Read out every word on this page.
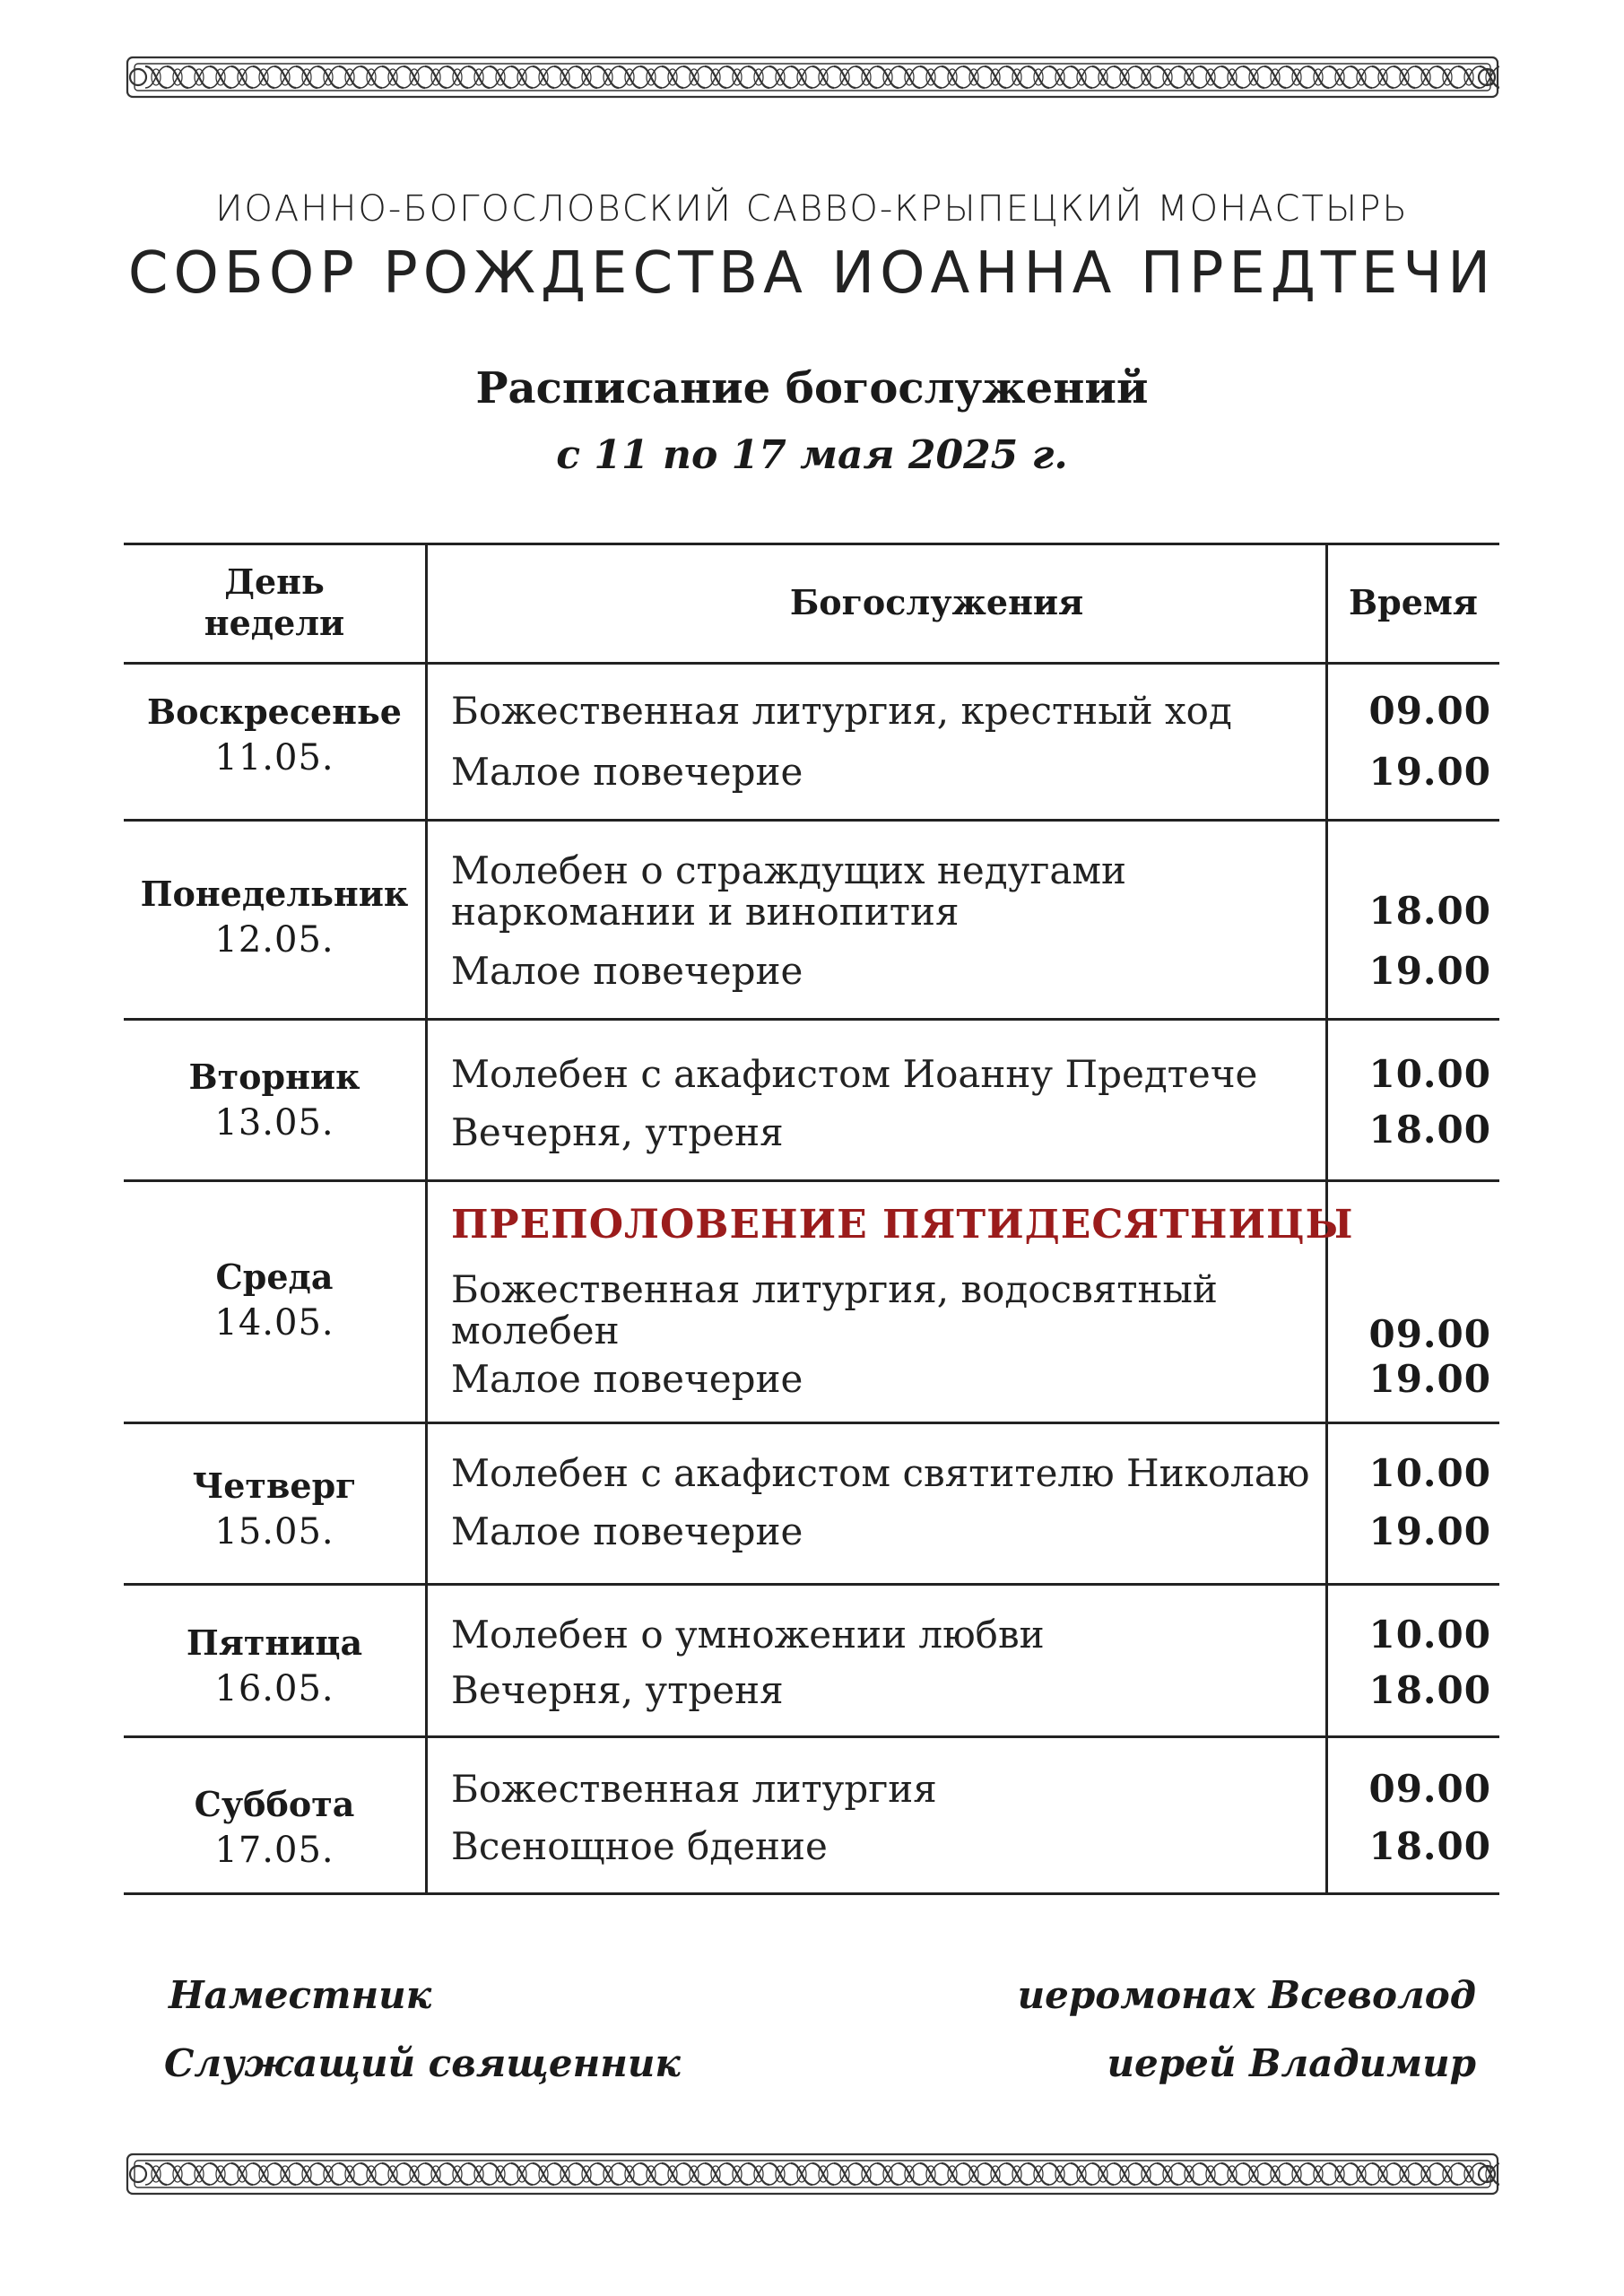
ИОАННО-БОГОСЛОВСКИЙ САВВО-КРЫПЕЦКИЙ МОНАСТЫРЬ
СОБОР РОЖДЕСТВА ИОАННА ПРЕДТЕЧИ
Расписание богослужений
с 11 по 17 мая 2025 г.
День
недели
Богослужения	Время
Воскресенье
11.05.
Божественная литургия, крестный ход	09.00
Малое повечерие	19.00
Понедельник
12.05.
Молебен о страждущих недугами
наркомании и винопития	18.00
Малое повечерие	19.00
Вторник
13.05.
Молебен с акафистом Иоанну Предтече	10.00
Вечерня, утреня	18.00
Среда
14.05.
ПРЕПОЛОВЕНИЕ ПЯТИДЕСЯТНИЦЫ
Божественная литургия, водосвятный
молебен	09.00
Малое повечерие	19.00
Четверг
15.05.
Молебен с акафистом святителю Николаю	10.00
Малое повечерие	19.00
Пятница
16.05.
Молебен о умножении любви	10.00
Вечерня, утреня	18.00
Суббота
17.05.
Божественная литургия	09.00
Всенощное бдение	18.00
Наместник	иеромонах Всеволод
Служащий священник	иерей Владимир
